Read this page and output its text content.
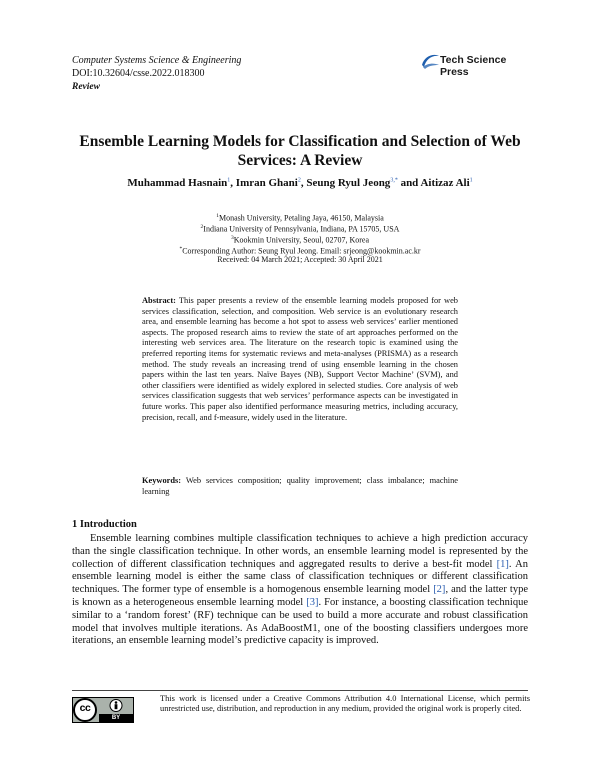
Computer Systems Science & Engineering
DOI:10.32604/csse.2022.018300
Review
Tech Science Press
Ensemble Learning Models for Classification and Selection of Web Services: A Review
Muhammad Hasnain$^1$, Imran Ghani$^2$, Seung Ryul Jeong$^{3,*}$ and Aitizaz Ali$^1$
$^1$Monash University, Petaling Jaya, 46150, Malaysia
$^2$Indiana University of Pennsylvania, Indiana, PA 15705, USA
$^3$Kookmin University, Seoul, 02707, Korea
*Corresponding Author: Seung Ryul Jeong. Email: srjeong@kookmin.ac.kr
Received: 04 March 2021; Accepted: 30 April 2021
Abstract: This paper presents a review of the ensemble learning models proposed for web services classification, selection, and composition. Web service is an evolutionary research area, and ensemble learning has become a hot spot to assess web services’ earlier mentioned aspects. The proposed research aims to review the state of art approaches performed on the interesting web services area. The literature on the research topic is examined using the preferred reporting items for systematic reviews and meta-analyses (PRISMA) as a research method. The study reveals an increasing trend of using ensemble learning in the chosen papers within the last ten years. Naïve Bayes (NB), Support Vector Machine’ (SVM), and other classifiers were identified as widely explored in selected studies. Core analysis of web services classification suggests that web services’ performance aspects can be investigated in future works. This paper also identified performance measuring metrics, including accuracy, precision, recall, and f-measure, widely used in the literature.
Keywords: Web services composition; quality improvement; class imbalance; machine learning
1 Introduction
Ensemble learning combines multiple classification techniques to achieve a high prediction accuracy than the single classification technique. In other words, an ensemble learning model is represented by the collection of different classification techniques and aggregated results to derive a best-fit model [1]. An ensemble learning model is either the same class of classification techniques or different classification techniques. The former type of ensemble is a homogenous ensemble learning model [2], and the latter type is known as a heterogeneous ensemble learning model [3]. For instance, a boosting classification technique similar to a ‘random forest’ (RF) technique can be used to build a more accurate and robust classification model that involves multiple iterations. As AdaBoostM1, one of the boosting classifiers undergoes more iterations, an ensemble learning model’s predictive capacity is improved.
cc
BY
This work is licensed under a Creative Commons Attribution 4.0 International License, which permits unrestricted use, distribution, and reproduction in any medium, provided the original work is properly cited.
